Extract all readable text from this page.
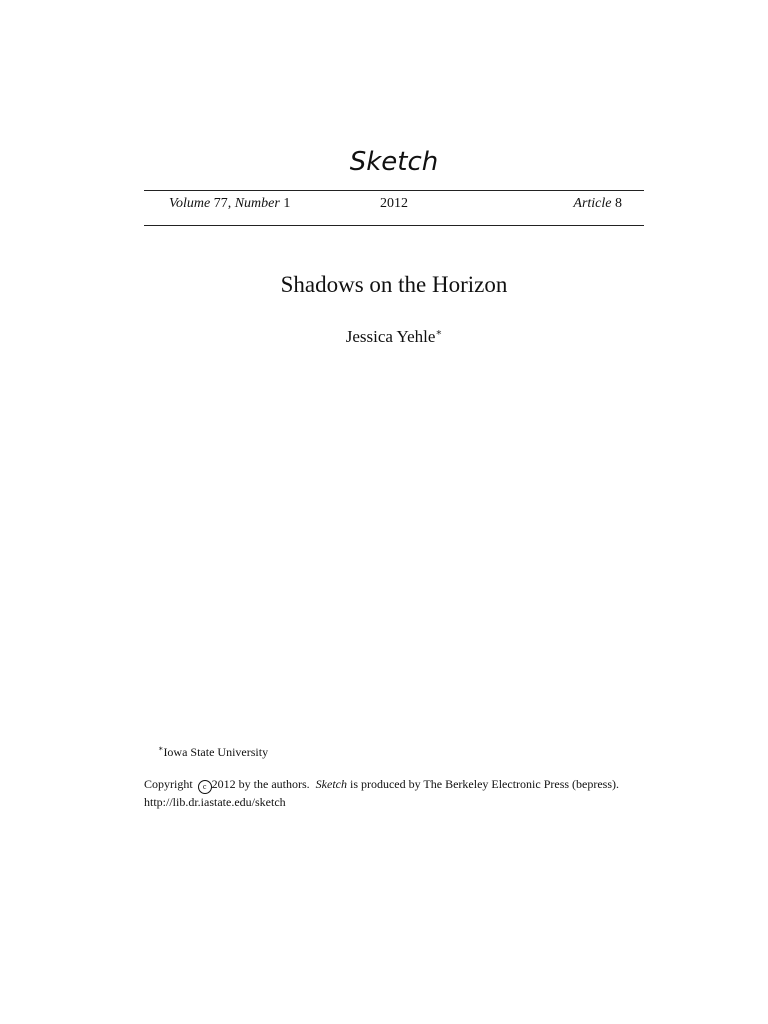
Sketch
Volume 77, Number 1	2012	Article 8
Shadows on the Horizon
Jessica Yehle∗
∗Iowa State University
Copyright c 2012 by the authors. Sketch is produced by The Berkeley Electronic Press (bepress).
http://lib.dr.iastate.edu/sketch
